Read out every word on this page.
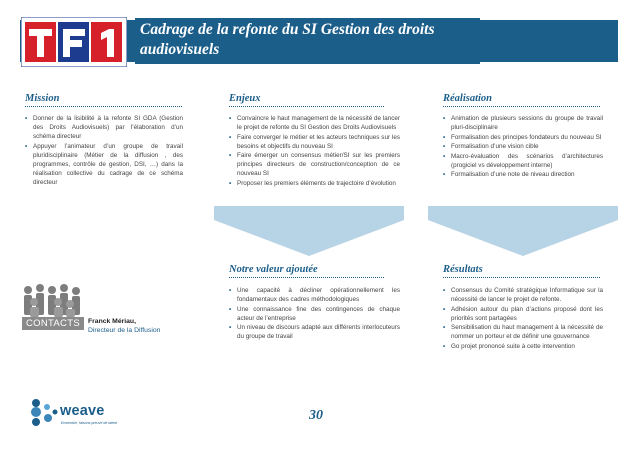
Cadrage de la refonte du SI Gestion des droits audiovisuels
Mission
• Donner de la lisibilité à la refonte SI GDA (Gestion des Droits Audiovisuels) par l’élaboration d’un schéma directeur
• Appuyer l’animateur d’un groupe de travail pluridisciplinaire (Métier de la diffusion , des programmes, contrôle de gestion, DSI, …) dans la réalisation collective du cadrage de ce schéma directeur
Enjeux
• Convaincre le haut management de la nécessité de lancer le projet de refonte du SI Gestion des Droits Audiovisuels
• Faire converger le métier et les acteurs techniques sur les besoins et objectifs du nouveau SI
• Faire émerger un consensus métier/SI sur les premiers principes directeurs de construction/conception de ce nouveau SI
• Proposer les premiers éléments de trajectoire d’évolution
Réalisation
• Animation de plusieurs sessions du groupe de travail pluri-disciplinaire
• Formalisation des principes fondateurs du nouveau SI
• Formalisation d’une vision cible
• Macro-évaluation des scénarios d’architectures (progiciel vs développement interne)
• Formalisation d’une note de niveau direction
Notre valeur ajoutée
• Une capacité à décliner opérationnellement les fondamentaux des cadres méthodologiques
• Une connaissance fine des contingences de chaque acteur de l’entreprise
• Un niveau de discours adapté aux différents interlocuteurs du groupe de travail
Résultats
• Consensus du Comité stratégique Informatique sur la nécessité de lancer le projet de refonte.
• Adhésion autour du plan d’actions proposé dont les priorités sont partagées
• Sensibilisation du haut management à la nécessité de nommer un porteur et de définir une gouvernance
• Go projet prononcé suite à cette intervention
CONTACTS	Franck Mériau,
Directeur de la Diffusion
weave
Ensemble, faisons preuve de talent	30
